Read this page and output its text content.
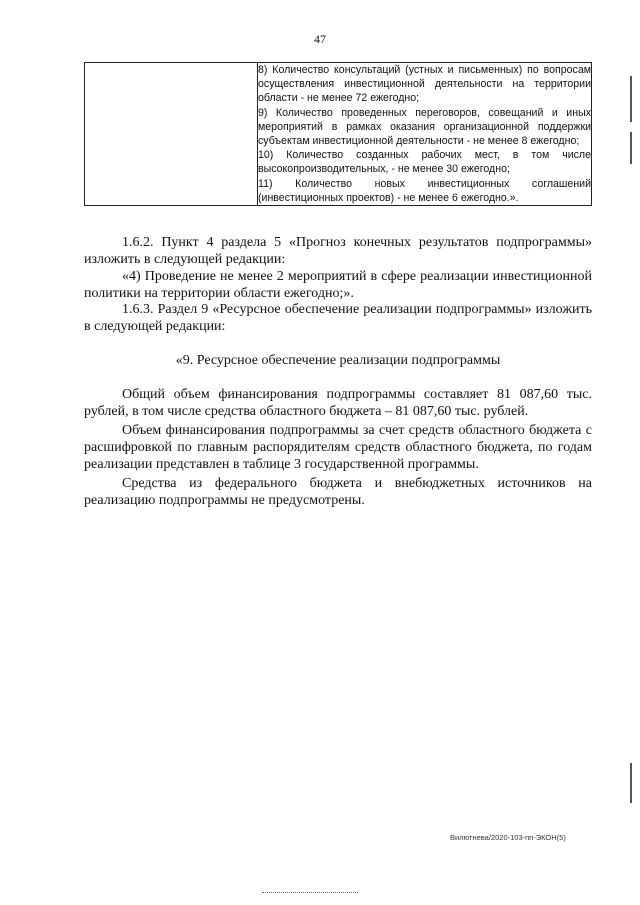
47

8) Количество консультаций (устных и письменных) по вопросам осуществления инвестиционной деятельности на территории области - не менее 72 ежегодно;

9) Количество проведенных переговоров, совещаний и иных мероприятий в рамках оказания организационной поддержки субъектам инвестиционной деятельности - не менее 8 ежегодно;

10) Количество созданных рабочих мест, в том числе высокопроизводительных, - не менее 30 ежегодно;

11) Количество новых инвестиционных соглашений (инвестиционных проектов) - не менее 6 ежегодно.».

1.6.2. Пункт 4 раздела 5 «Прогноз конечных результатов подпрограммы» изложить в следующей редакции:

«4) Проведение не менее 2 мероприятий в сфере реализации инвестиционной политики на территории области ежегодно;».

1.6.3. Раздел 9 «Ресурсное обеспечение реализации подпрограммы» изложить в следующей редакции:

«9. Ресурсное обеспечение реализации подпрограммы

Общий объем финансирования подпрограммы составляет 81 087,60 тыс. рублей, в том числе средства областного бюджета – 81 087,60 тыс. рублей.

Объем финансирования подпрограммы за счет средств областного бюджета с расшифровкой по главным распорядителям средств областного бюджета, по годам реализации представлен в таблице 3 государственной программы.

Средства из федерального бюджета и внебюджетных источников на реализацию подпрограммы не предусмотрены.

Вилютнева/2020-103-пп-ЭКОН(5)
